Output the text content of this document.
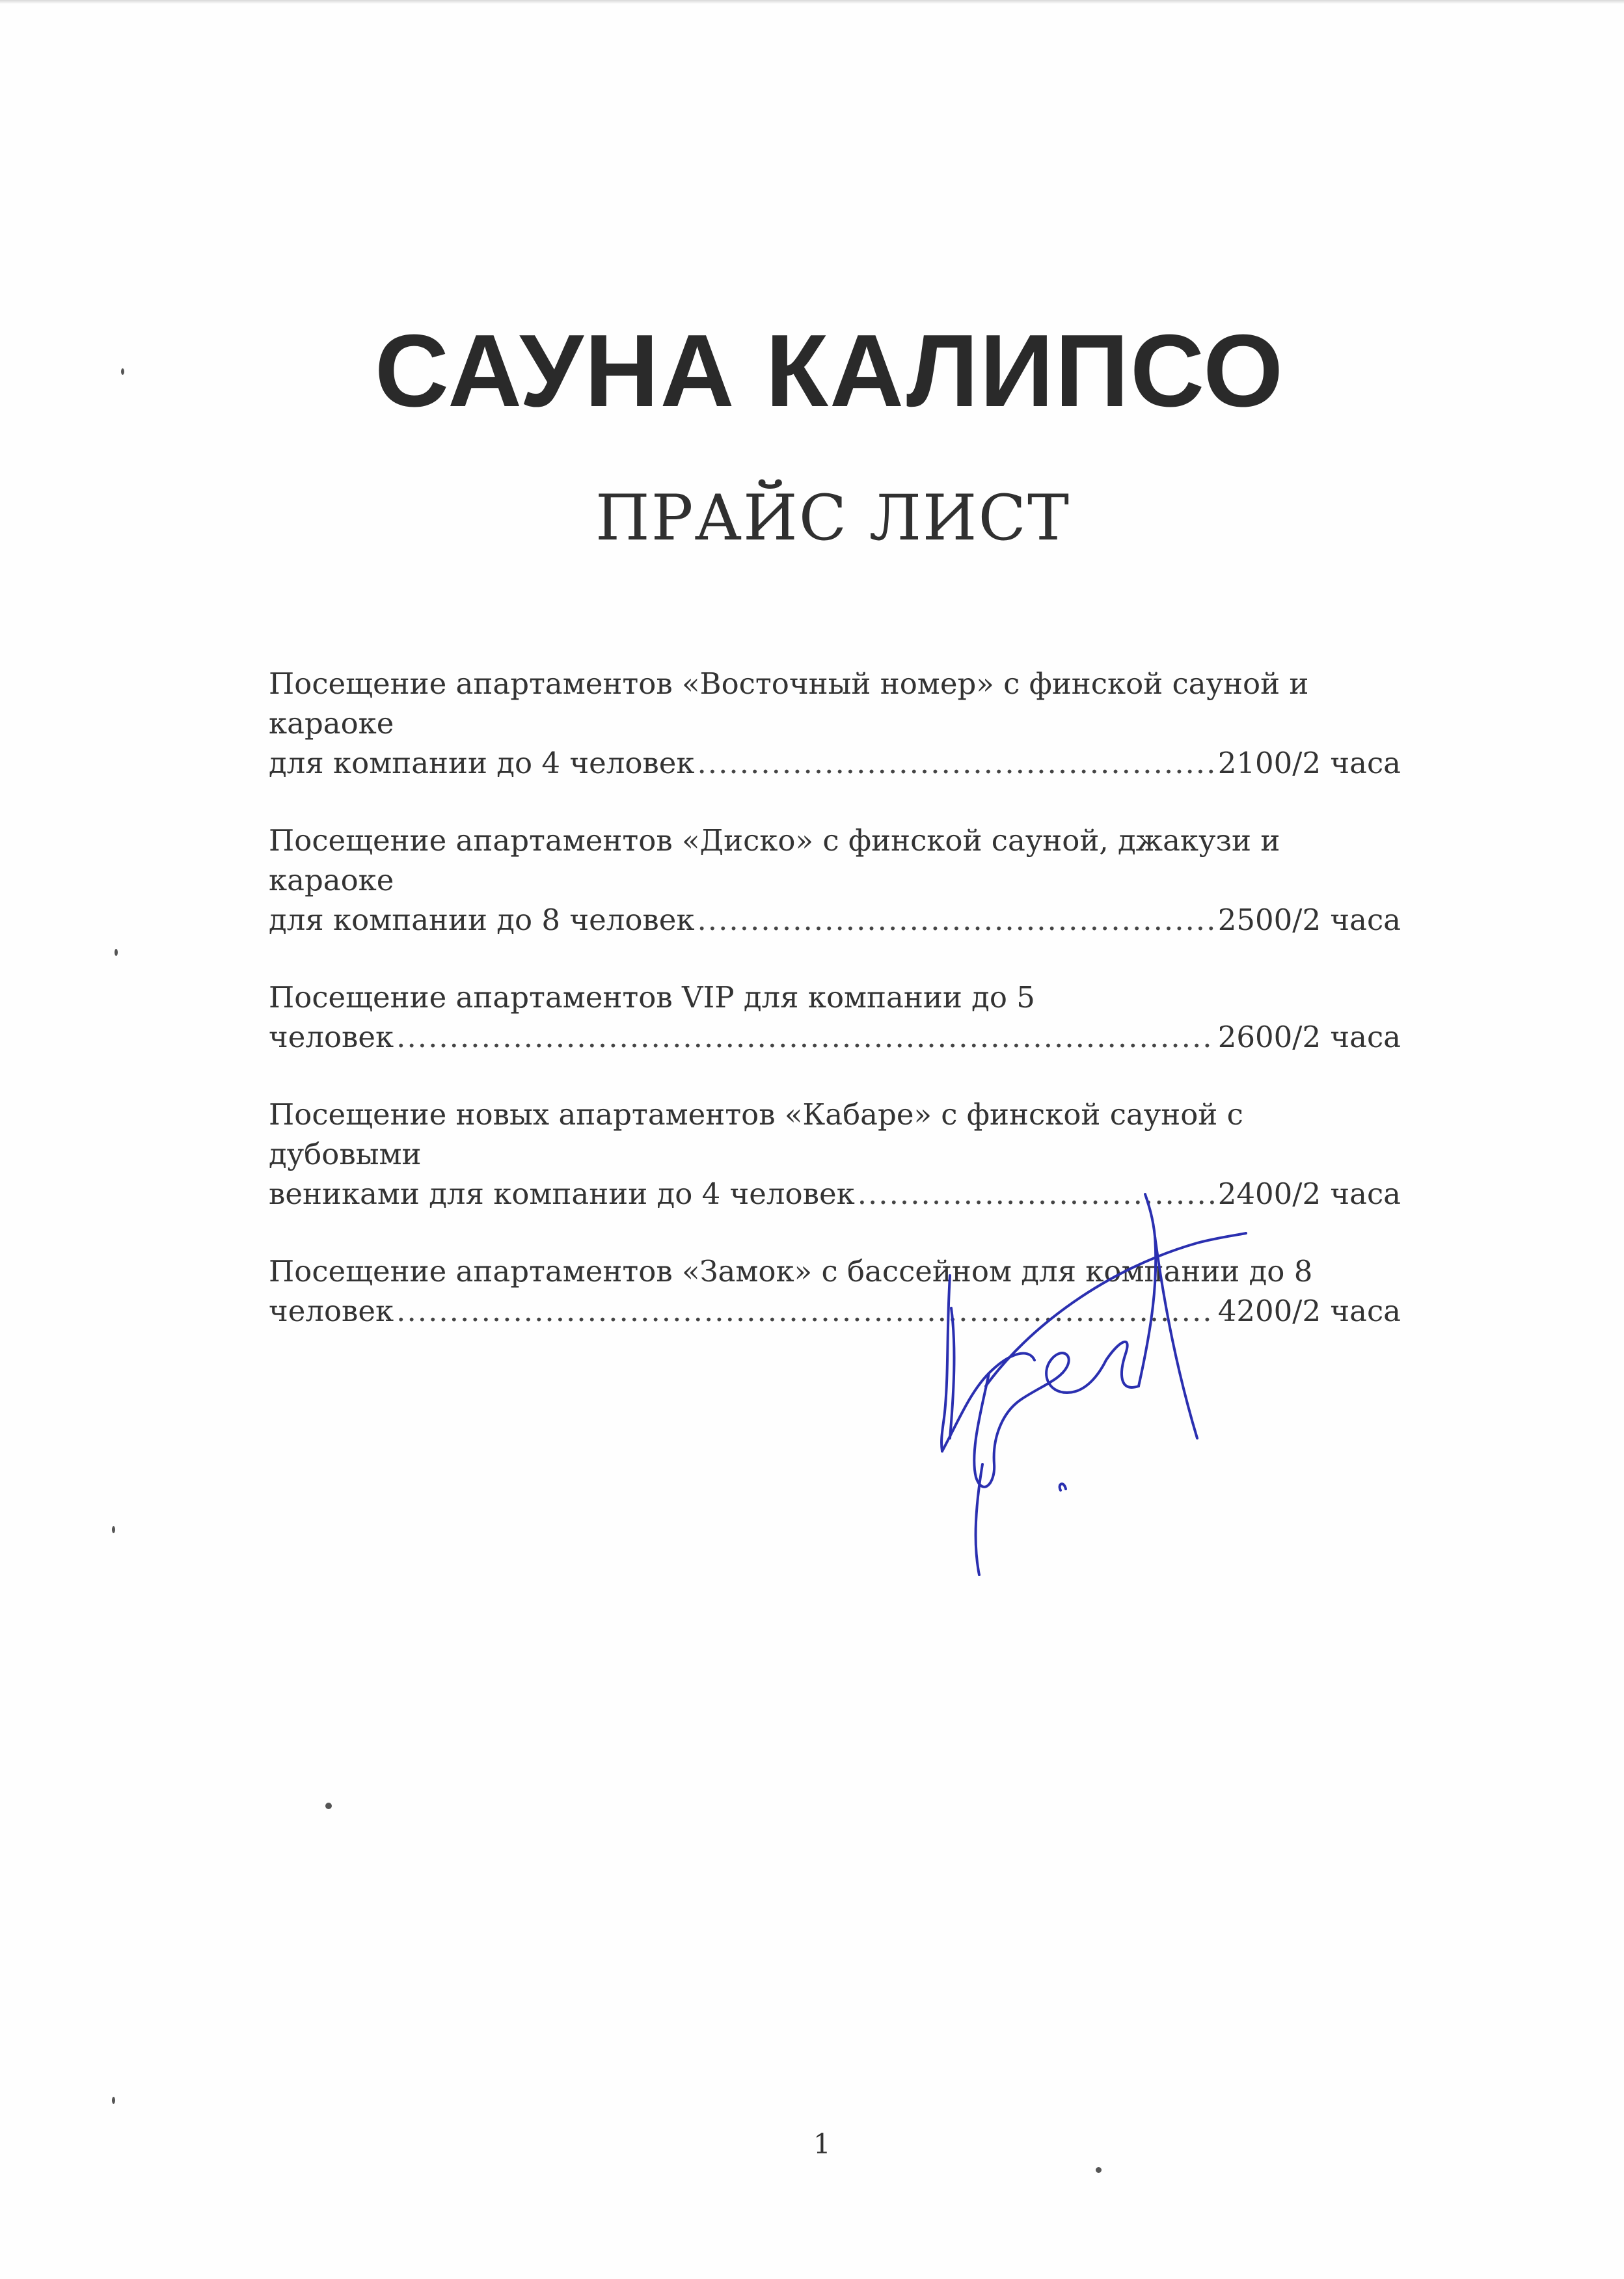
САУНА КАЛИПСО
ПРАЙС ЛИСТ
Посещение апартаментов «Восточный номер» с финской сауной и караоке
для компании до 4 человек .....	2100/2 часа
Посещение апартаментов «Диско» с финской сауной, джакузи и караоке
для компании до 8 человек .....	2500/2 часа
Посещение апартаментов VIP для компании до 5
человек .....	2600/2 часа
Посещение новых апартаментов «Кабаре» с финской сауной с дубовыми
вениками для компании до 4 человек .....	2400/2 часа
Посещение апартаментов «Замок» с бассейном для компании до 8
человек .....	4200/2 часа
1
